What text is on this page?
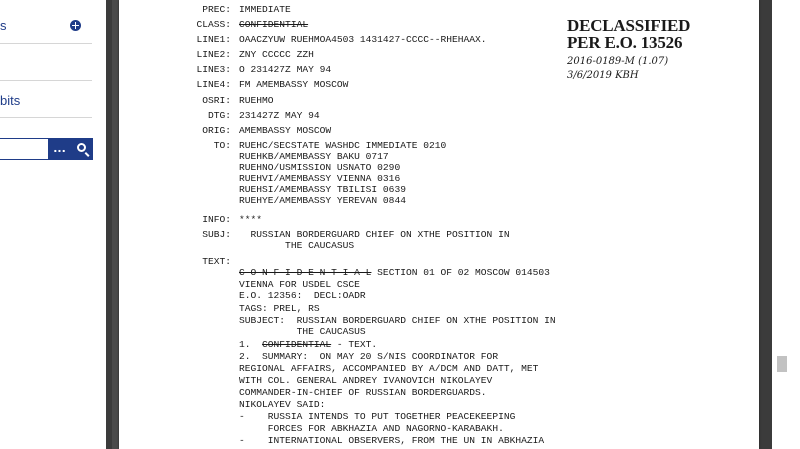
s
bits
...
PREC: IMMEDIATE
CLASS: CONFIDENTIAL
LINE1: OAACZYUW RUEHMOA4503 1431427-CCCC--RHEHAAX.
LINE2: ZNY CCCCC ZZH
LINE3: O 231427Z MAY 94
LINE4: FM AMEMBASSY MOSCOW
OSRI: RUEHMO
DTG: 231427Z MAY 94
ORIG: AMEMBASSY MOSCOW
TO: RUEHC/SECSTATE WASHDC IMMEDIATE 0210
RUEHKB/AMEMBASSY BAKU 0717
RUEHNO/USMISSION USNATO 0290
RUEHVI/AMEMBASSY VIENNA 0316
RUEHSI/AMEMBASSY TBILISI 0639
RUEHYE/AMEMBASSY YEREVAN 0844
INFO: ****
SUBJ: RUSSIAN BORDERGUARD CHIEF ON XTHE POSITION IN
THE CAUCASUS
TEXT:
C O N F I D E N T I A L SECTION 01 OF 02 MOSCOW 014503
VIENNA FOR USDEL CSCE
E.O. 12356:  DECL:OADR
TAGS: PREL, RS
SUBJECT:  RUSSIAN BORDERGUARD CHIEF ON XTHE POSITION IN
THE CAUCASUS
1.  CONFIDENTIAL - TEXT.
2.  SUMMARY:  ON MAY 20 S/NIS COORDINATOR FOR
REGIONAL AFFAIRS, ACCOMPANIED BY A/DCM AND DATT, MET
WITH COL. GENERAL ANDREY IVANOVICH NIKOLAYEV
COMMANDER-IN-CHIEF OF RUSSIAN BORDERGUARDS.
NIKOLAYEV SAID:
-    RUSSIA INTENDS TO PUT TOGETHER PEACEKEEPING
FORCES FOR ABKHAZIA AND NAGORNO-KARABAKH.
-    INTERNATIONAL OBSERVERS, FROM THE UN IN ABKHAZIA
DECLASSIFIED
PER E.O. 13526
2016-0189-M (1.07)
3/6/2019 KBH
